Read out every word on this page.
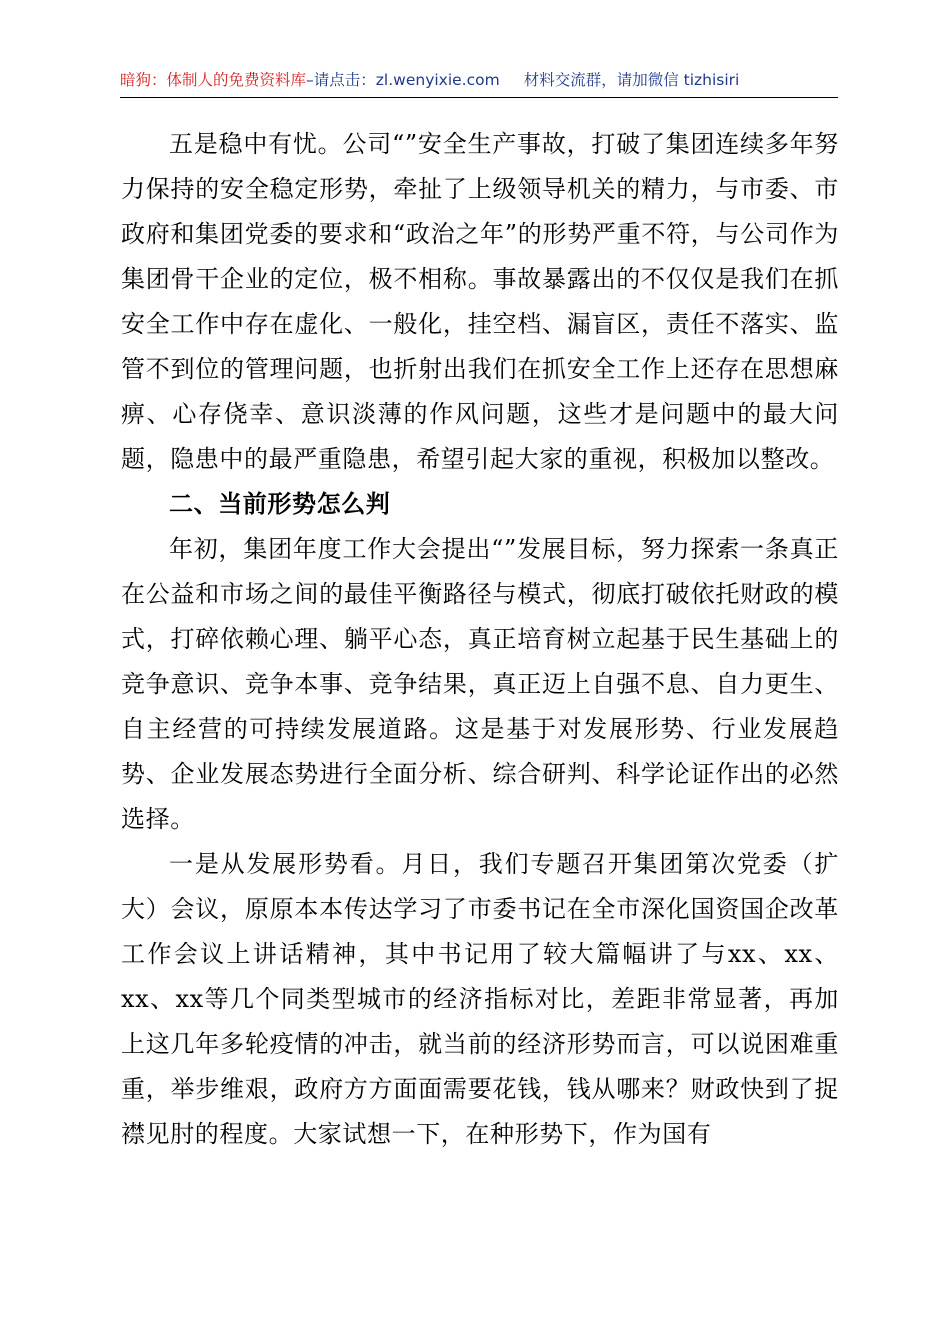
暗狗：体制人的免费资料库–请点击：zl.wenyixie.com 材料交流群，请加微信 tizhisiri

五是稳中有忧。公司“”安全生产事故，打破了集团连续多年努力保持的安全稳定形势，牵扯了上级领导机关的精力，与市委、市政府和集团党委的要求和“政治之年”的形势严重不符，与公司作为集团骨干企业的定位，极不相称。事故暴露出的不仅仅是我们在抓安全工作中存在虚化、一般化，挂空档、漏盲区，责任不落实、监管不到位的管理问题，也折射出我们在抓安全工作上还存在思想麻痹、心存侥幸、意识淡薄的作风问题，这些才是问题中的最大问题，隐患中的最严重隐患，希望引起大家的重视，积极加以整改。

二、当前形势怎么判

年初，集团年度工作大会提出“”发展目标，努力探索一条真正在公益和市场之间的最佳平衡路径与模式，彻底打破依托财政的模式，打碎依赖心理、躺平心态，真正培育树立起基于民生基础上的竞争意识、竞争本事、竞争结果，真正迈上自强不息、自力更生、自主经营的可持续发展道路。这是基于对发展形势、行业发展趋势、企业发展态势进行全面分析、综合研判、科学论证作出的必然选择。

一是从发展形势看。月日，我们专题召开集团第次党委（扩大）会议，原原本本传达学习了市委书记在全市深化国资国企改革工作会议上讲话精神，其中书记用了较大篇幅讲了与xx、xx、xx、xx等几个同类型城市的经济指标对比，差距非常显著，再加上这几年多轮疫情的冲击，就当前的经济形势而言，可以说困难重重，举步维艰，政府方方面面需要花钱，钱从哪来？财政快到了捉襟见肘的程度。大家试想一下，在种形势下，作为国有
